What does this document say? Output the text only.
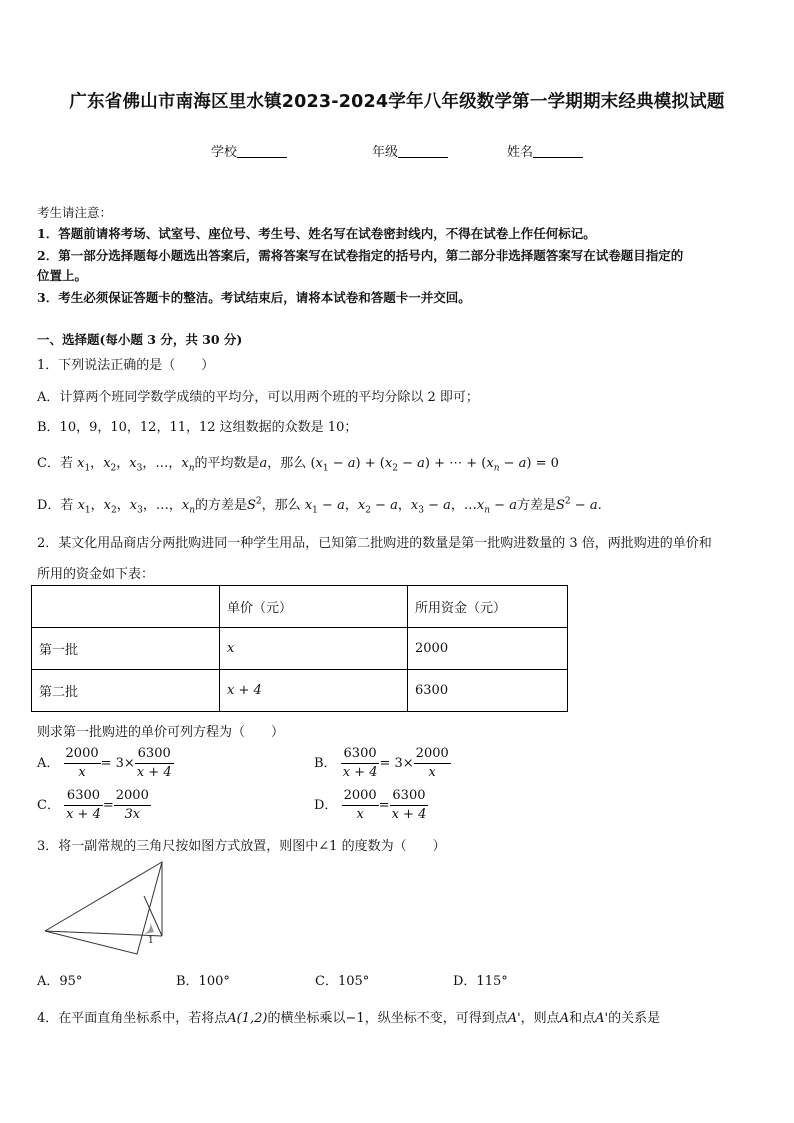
广东省佛山市南海区里水镇2023-2024学年八年级数学第一学期期末经典模拟试题
学校	年级	姓名
考生请注意：
1．答题前请将考场、试室号、座位号、考生号、姓名写在试卷密封线内，不得在试卷上作任何标记。
2．第一部分选择题每小题选出答案后，需将答案写在试卷指定的括号内，第二部分非选择题答案写在试卷题目指定的
位置上。
3．考生必须保证答题卡的整洁。考试结束后，请将本试卷和答题卡一并交回。
一、选择题(每小题 3 分，共 30 分)
1．下列说法正确的是（　　）
A．计算两个班同学数学成绩的平均分，可以用两个班的平均分除以 2 即可；
B．10，9，10，12，11，12 这组数据的众数是 10；
C．若 $x_1$，$x_2$，$x_3$，…，$x_n$的平均数是a，那么 $(x_1 - a) + (x_2 - a)$ + ⋯ + $(x_n - a) = 0$
D．若 $x_1$，$x_2$，$x_3$，…，$x_n$的方差是$S^2$，那么 $x_1 - a$，$x_2 - a$，$x_3 - a$，$\dots x_n - a$方差是$S^2 - a$.
2．某文化用品商店分两批购进同一种学生用品，已知第二批购进的数量是第一批购进数量的 3 倍，两批购进的单价和
所用的资金如下表：
	单价（元）	所用资金（元）
第一批	x	2000
第二批	x + 4	6300
则求第一批购进的单价可列方程为（　　）
A． $\frac{2000}{x} = 3\times \frac{6300}{x + 4}$	B． $\frac{6300}{x + 4} = 3\times \frac{2000}{x}$
C． $\frac{6300}{x + 4} = \frac{2000}{3x}$	D． $\frac{2000}{x} = \frac{6300}{x + 4}$
3．将一副常规的三角尺按如图方式放置，则图中∠1 的度数为（　　）
1
A．95°	B．100°	C．105°	D．115°
4．在平面直角坐标系中，若将点A(1,2)的横坐标乘以−1，纵坐标不变，可得到点A'，则点A和点A'的关系是
